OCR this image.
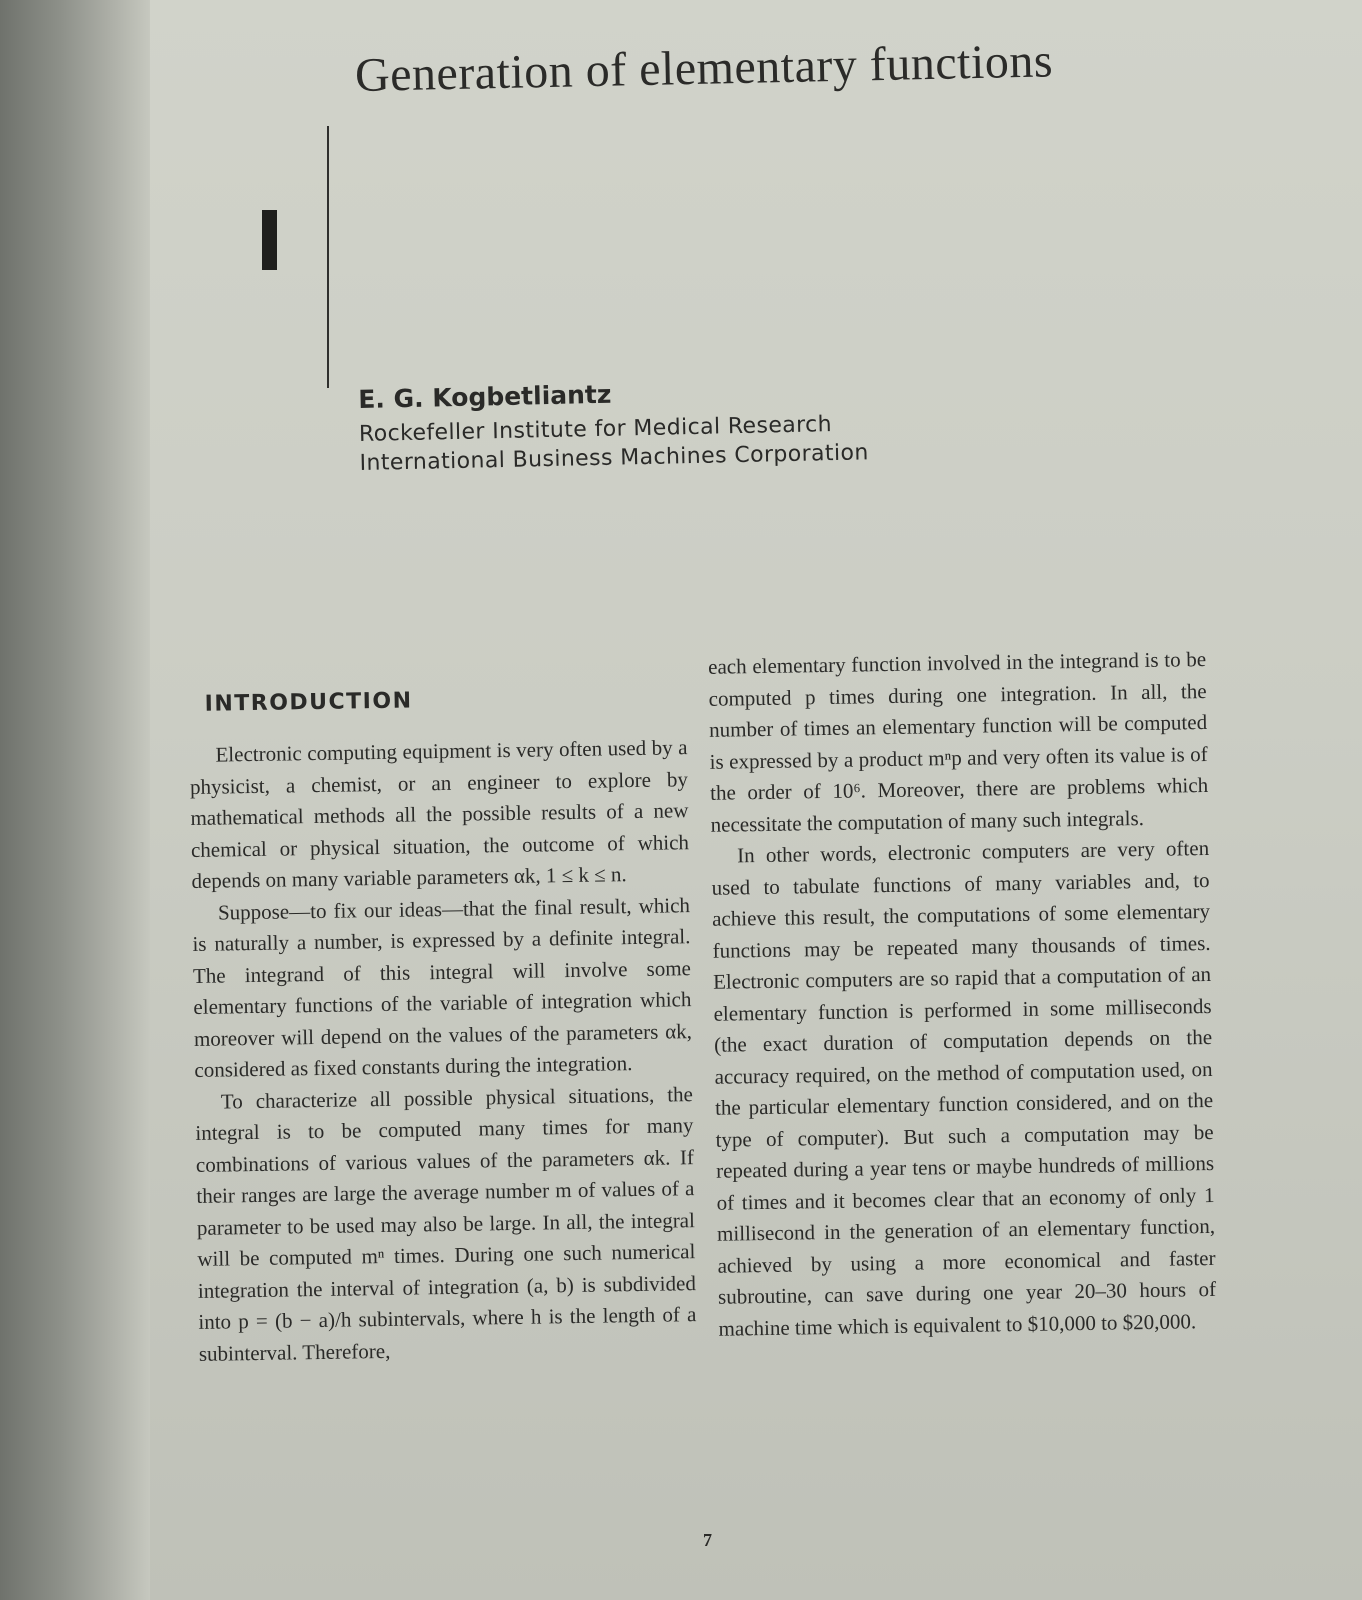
Generation of elementary functions

E. G. Kogbetliantz

Rockefeller Institute for Medical Research

International Business Machines Corporation

INTRODUCTION

Electronic computing equipment is very often used by a physicist, a chemist, or an engineer to explore by mathematical methods all the possible results of a new chemical or physical situation, the outcome of which depends on many variable parameters αk, 1 ≤ k ≤ n.

Suppose—to fix our ideas—that the final result, which is naturally a number, is expressed by a definite integral. The integrand of this integral will involve some elementary functions of the variable of integration which moreover will depend on the values of the parameters αk, considered as fixed constants during the integration.

To characterize all possible physical situations, the integral is to be computed many times for many combinations of various values of the parameters αk. If their ranges are large the average number m of values of a parameter to be used may also be large. In all, the integral will be computed mⁿ times. During one such numerical integration the interval of integration (a, b) is subdivided into p = (b − a)/h subintervals, where h is the length of a subinterval. Therefore,

each elementary function involved in the integrand is to be computed p times during one integration. In all, the number of times an elementary function will be computed is expressed by a product mⁿp and very often its value is of the order of 10⁶. Moreover, there are problems which necessitate the computation of many such integrals.

In other words, electronic computers are very often used to tabulate functions of many variables and, to achieve this result, the computations of some elementary functions may be repeated many thousands of times. Electronic computers are so rapid that a computation of an elementary function is performed in some milliseconds (the exact duration of computation depends on the accuracy required, on the method of computation used, on the particular elementary function considered, and on the type of computer). But such a computation may be repeated during a year tens or maybe hundreds of millions of times and it becomes clear that an economy of only 1 millisecond in the generation of an elementary function, achieved by using a more economical and faster subroutine, can save during one year 20–30 hours of machine time which is equivalent to $10,000 to $20,000.

7
